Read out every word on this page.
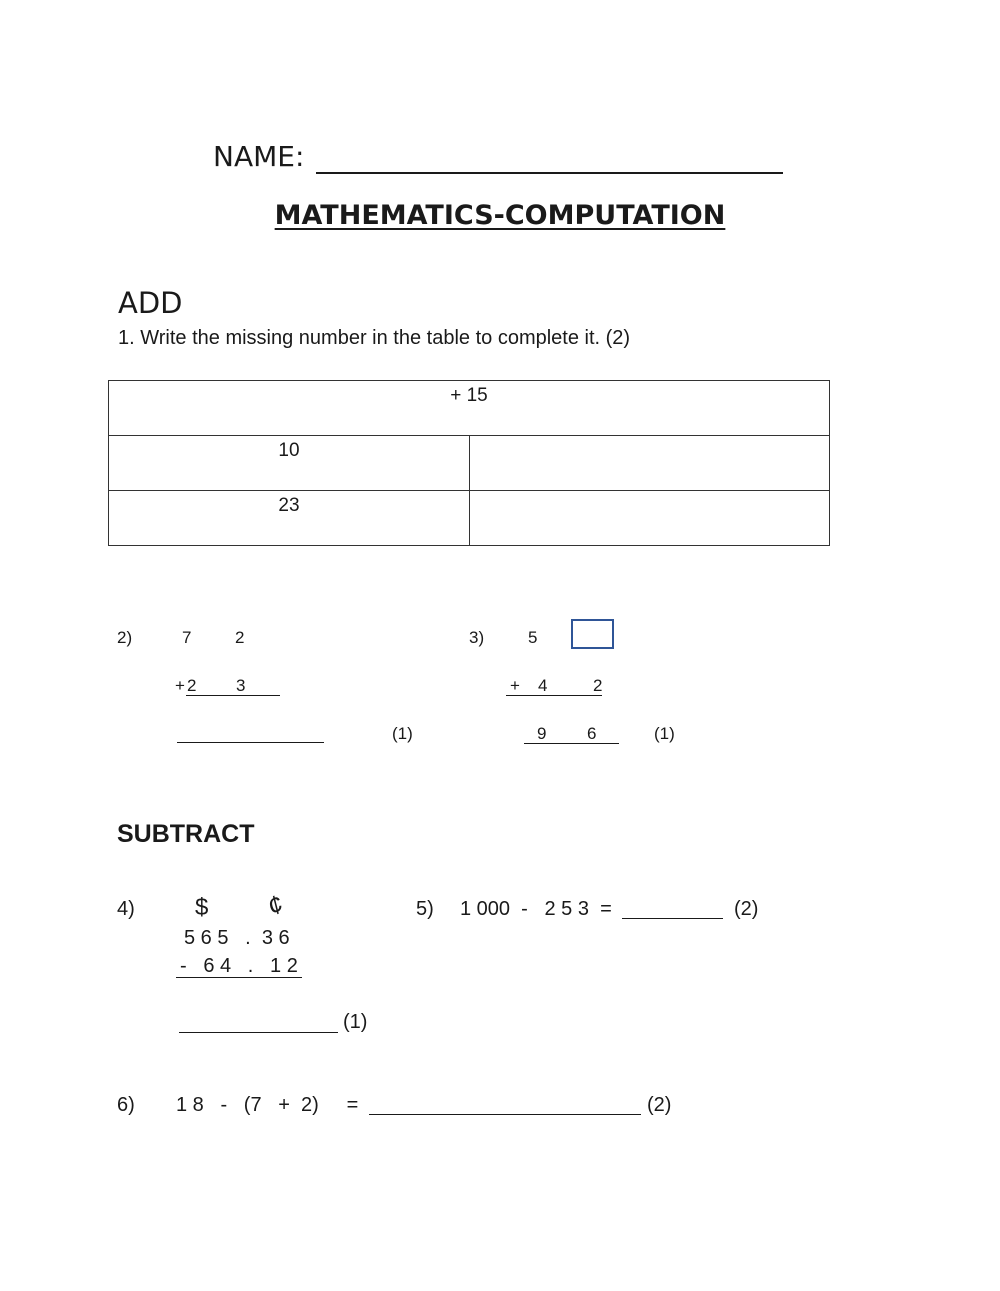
NAME:
MATHEMATICS-COMPUTATION
ADD
1. Write the missing number in the table to complete it. (2)
+ 15	
10	
23	
2)	7	2
+ 2 3
(1)
3)	5
+ 4	2
9 6	(1)
SUBTRACT
4)	$ ¢
5 6 5   .  3 6
-   6 4   .   1 2
(1)
5) 1 000  -   2 5 3  =	(2)
6) 1 8   -   (7   +  2)     =	(2)
